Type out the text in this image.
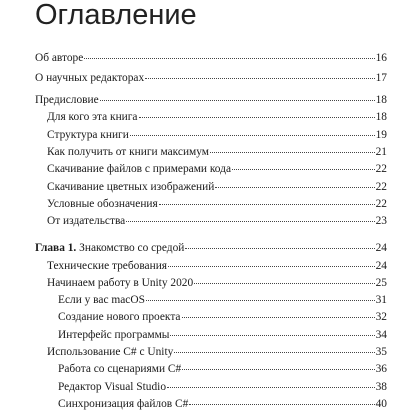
Оглавление
Об авторе	16
О научных редакторах	17
Предисловие	18
Для кого эта книга	18
Структура книги	19
Как получить от книги максимум	21
Скачивание файлов с примерами кода	22
Скачивание цветных изображений	22
Условные обозначения	22
От издательства	23
Глава 1. Знакомство со средой	24
Технические требования	24
Начинаем работу в Unity 2020	25
Если у вас macOS	31
Создание нового проекта	32
Интерфейс программы	34
Использование C# с Unity	35
Работа со сценариями C#	36
Редактор Visual Studio	38
Синхронизация файлов C#	40
